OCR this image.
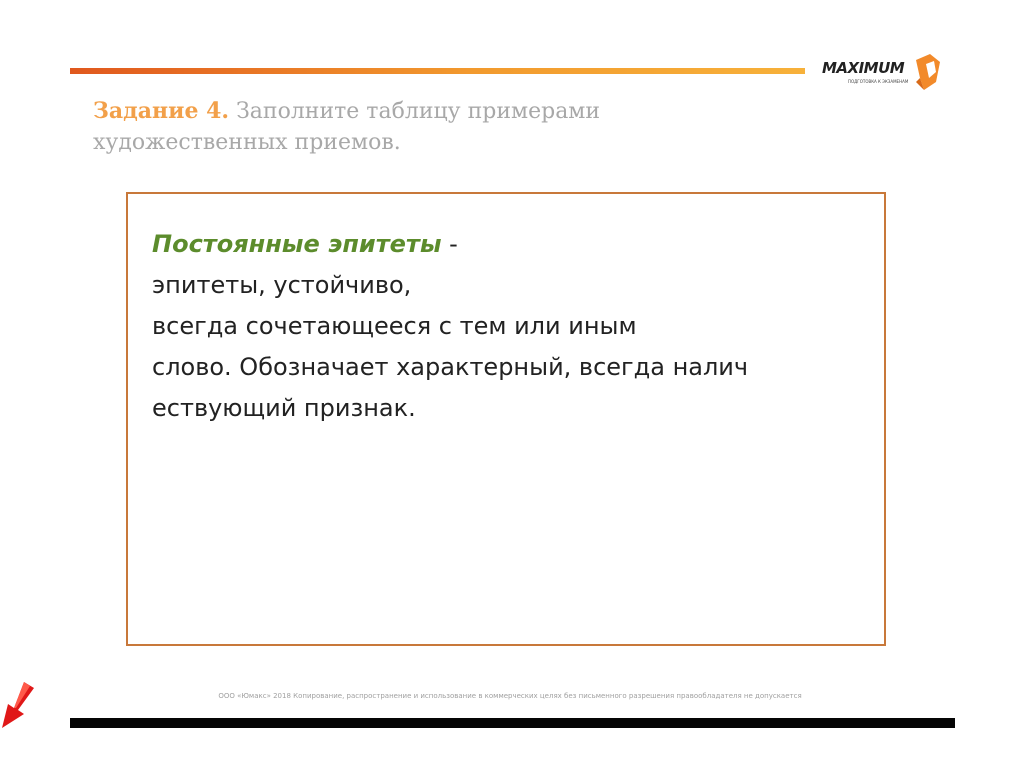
MAXIMUM
ПОДГОТОВКА К ЭКЗАМЕНАМ
Задание 4. Заполните таблицу примерами
художественных приемов.
Постоянные эпитеты -
эпитеты, устойчиво,
всегда сочетающееся с тем или иным
слово. Обозначает характерный, всегда налич
ествующий признак.
ООО «Юмакс» 2018 Копирование, распространение и использование в коммерческих целях без письменного разрешения правообладателя не допускается
